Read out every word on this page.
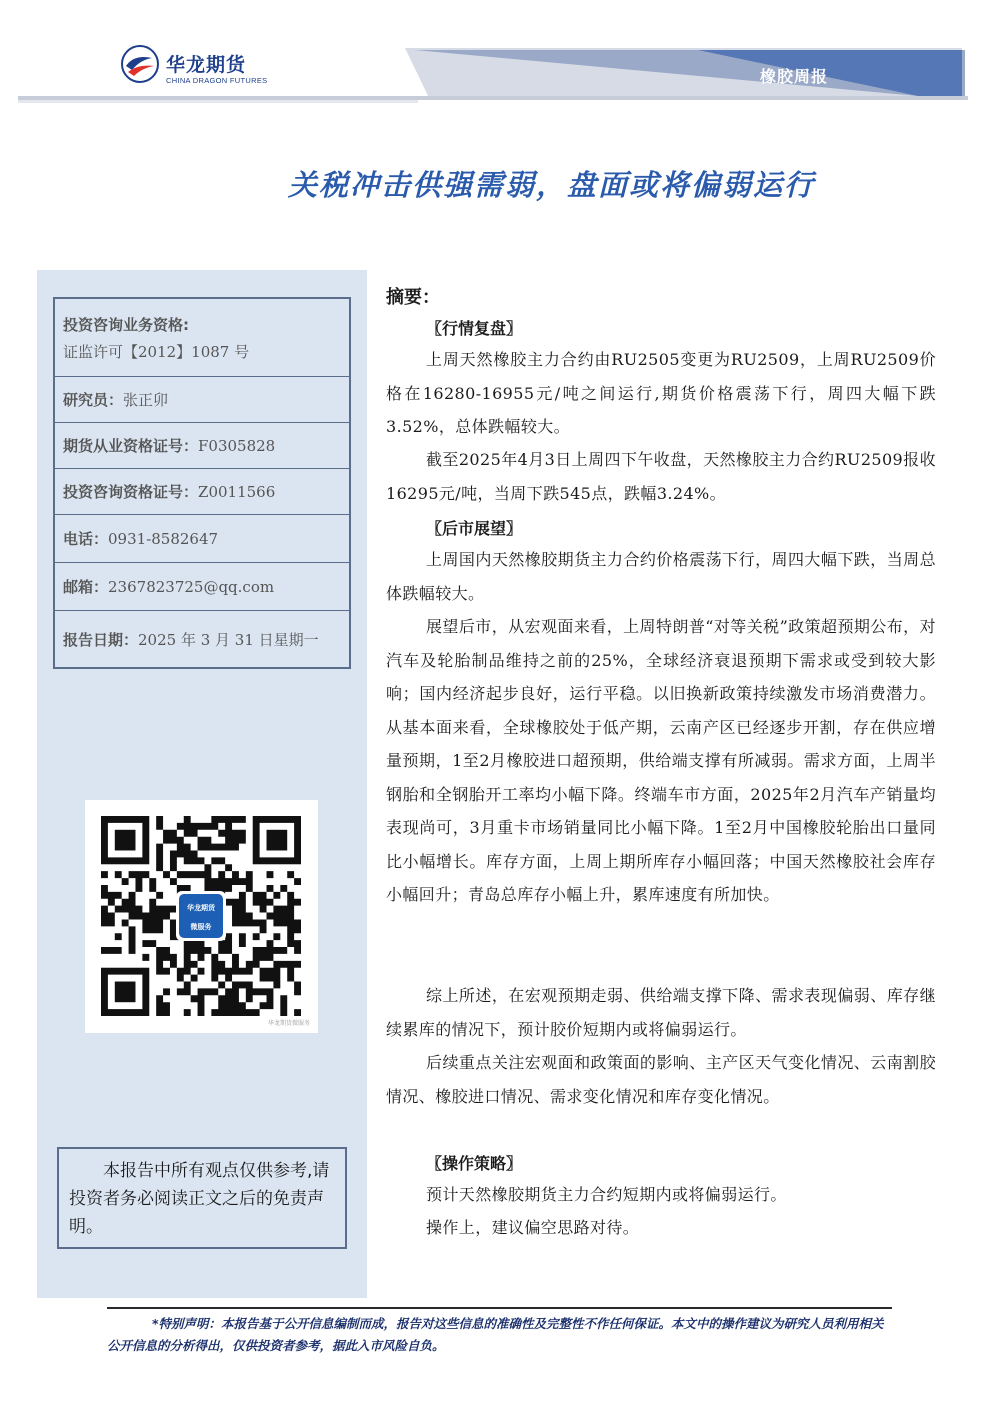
华龙期货
CHINA DRAGON FUTURES	橡胶周报
关税冲击供强需弱，盘面或将偏弱运行
投资咨询业务资格:
证监许可【2012】1087 号
研究员： 张正卯
期货从业资格证号： F0305828
投资咨询资格证号： Z0011566
电话： 0931-8582647
邮箱： 2367823725@qq.com
报告日期： 2025 年 3 月 31 日星期一
华龙期货
微服务
华龙期货微服务
本报告中所有观点仅供参考,请投资者务必阅读正文之后的免责声明。
摘要：
〖行情复盘〗
上周天然橡胶主力合约由RU2505变更为RU2509，上周RU2509价格在16280-16955元/吨之间运行,期货价格震荡下行，周四大幅下跌3.52%，总体跌幅较大。
截至2025年4月3日上周四下午收盘，天然橡胶主力合约RU2509报收16295元/吨，当周下跌545点，跌幅3.24%。
〖后市展望〗
上周国内天然橡胶期货主力合约价格震荡下行，周四大幅下跌，当周总体跌幅较大。
展望后市，从宏观面来看，上周特朗普“对等关税”政策超预期公布，对汽车及轮胎制品维持之前的25%，全球经济衰退预期下需求或受到较大影响；国内经济起步良好，运行平稳。以旧换新政策持续激发市场消费潜力。从基本面来看，全球橡胶处于低产期，云南产区已经逐步开割，存在供应增量预期，1至2月橡胶进口超预期，供给端支撑有所减弱。需求方面，上周半钢胎和全钢胎开工率均小幅下降。终端车市方面，2025年2月汽车产销量均表现尚可，3月重卡市场销量同比小幅下降。1至2月中国橡胶轮胎出口量同比小幅增长。库存方面，上周上期所库存小幅回落；中国天然橡胶社会库存小幅回升；青岛总库存小幅上升，累库速度有所加快。
综上所述，在宏观预期走弱、供给端支撑下降、需求表现偏弱、库存继续累库的情况下，预计胶价短期内或将偏弱运行。
后续重点关注宏观面和政策面的影响、主产区天气变化情况、云南割胶情况、橡胶进口情况、需求变化情况和库存变化情况。
〖操作策略〗
预计天然橡胶期货主力合约短期内或将偏弱运行。
操作上，建议偏空思路对待。
*特别声明：本报告基于公开信息编制而成，报告对这些信息的准确性及完整性不作任何保证。本文中的操作建议为研究人员利用相关公开信息的分析得出，仅供投资者参考，据此入市风险自负。
